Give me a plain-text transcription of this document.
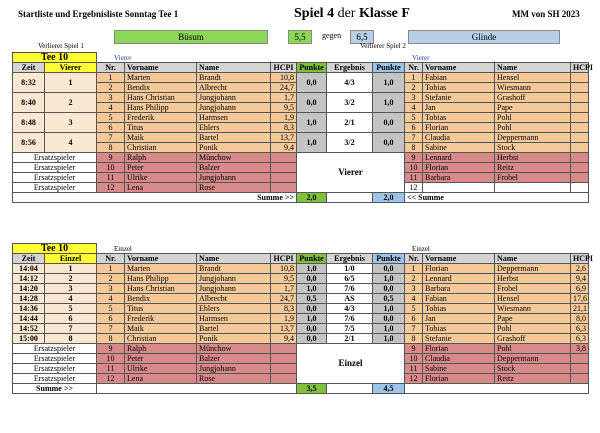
Startliste und Ergebnisliste Sonntag Tee 1	Spiel 4 der Klasse F	MM von SH 2023
Büsum	5,5	gegen	6,5	Glinde
Verlierer Spiel 1	Verlierer Spiel 2
Vierer	Vierer
Tee 10												
Zeit	Vierer	Nr.	Vorname	Name	HCPI	Punkte	Ergebnis	Punkte	Nr.	Vorname	Name	HCPI
8:32	1	1	Marten	Brandt	10,8	0,0	4/3	1,0	1	Fabian	Hensel	
		2	Bendix	Albrecht	24,7				2	Tobias	Wiesmann	
8:40	2	3	Hans Christian	Jungjohann	1,7	0,0	3/2	1,0	3	Stefanie	Grashoff	
		4	Hans Philipp	Jungjohann	9,5				4	Jan	Pape	
8:48	3	5	Frederik	Harmsen	1,9	1,0	2/1	0,0	5	Tobias	Pohl	
		6	Titus	Ehlers	8,3				6	Florian	Pohl	
8:56	4	7	Maik	Bartel	13,7	1,0	3/2	0,0	7	Claudia	Deppermann	
		8	Christian	Ponik	9,4				8	Sabine	Stock	
Ersatzspieler		9	Ralph	Münchow		Vierer			9	Lennard	Herbst	
Ersatzspieler		10	Peter	Balzer					10	Florian	Reitz	
Ersatzspieler		11	Ulrike	Jungjohann					11	Barbara	Frobel	
Ersatzspieler		12	Lena	Rose					12			
Summe >>						2,0		2,0	<< Summe			
Einzel	Einzel
Tee 10												
Zeit	Einzel	Nr.	Vorname	Name	HCPI	Punkte	Ergebnis	Punkte	Nr.	Vorname	Name	HCPI
14:04	1	1	Marten	Brandt	10,8	1,0	1/0	0,0	1	Florian	Deppermann	2,6
14:12	2	2	Hans Philipp	Jungjohann	9,5	0,0	6/5	1,0	2	Lennard	Herbst	9,4
14:20	3	3	Hans Christian	Jungjohann	1,7	1,0	7/6	0,0	3	Barbara	Frobel	6,9
14:28	4	4	Bendix	Albrecht	24,7	0,5	AS	0,5	4	Fabian	Hensel	17,6
14:36	5	5	Titus	Ehlers	8,3	0,0	4/3	1,0	5	Tobias	Wiesmann	21,1
14:44	6	6	Frederik	Harmsen	1,9	1,0	7/6	0,0	6	Jan	Pape	8,0
14:52	7	7	Maik	Bartel	13,7	0,0	7/5	1,0	7	Tobias	Pohl	6,3
15:00	8	8	Christian	Ponik	9,4	0,0	2/1	1,0	8	Stefanie	Grashoff	6,3
Ersatzspieler		9	Ralph	Münchow		Einzel			9	Florian	Pohl	3,8
Ersatzspieler		10	Peter	Balzer					10	Claudia	Deppermann	
Ersatzspieler		11	Ulrike	Jungjohann					11	Sabine	Stock	
Ersatzspieler		12	Lena	Rose					12	Florian	Reitz	
Summe >>						3,5		4,5				
